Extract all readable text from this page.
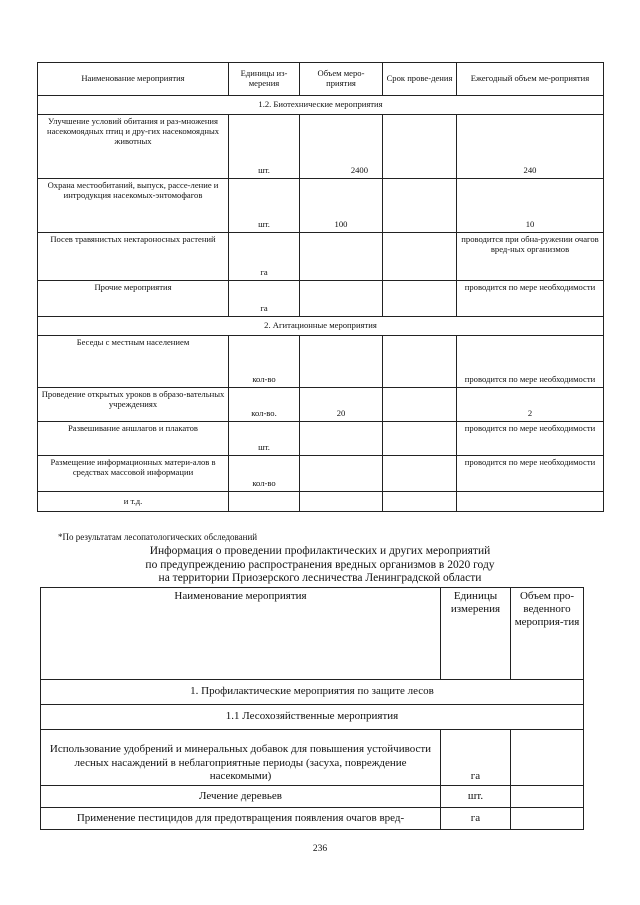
Наименование мероприятия	Единицы из-мерения	Объем меро-приятия	Срок прове-дения	Ежегодный объем ме-роприятия
1.2. Биотехнические мероприятия				
Улучшение условий обитания и раз-множения насекомоядных птиц и дру-гих насекомоядных животных	шт.	2400		240
Охрана местообитаний, выпуск, рассе-ление и интродукция насекомых-энтомофагов	шт.	100		10
Посев травянистых нектароносных растений	га			проводится при обна-ружении очагов вред-ных организмов
Прочие мероприятия	га			проводится по мере необходимости
2. Агитационные мероприятия				
Беседы с местным населением	кол-во			проводится по мере необходимости
Проведение открытых уроков в образо-вательных учреждениях	кол-во.	20		2
Развешивание аншлагов и плакатов	шт.			проводится по мере необходимости
Размещение информационных матери-алов в средствах массовой информации	кол-во			проводится по мере необходимости
и т.д.				
*По результатам лесопатологических обследований
Информация о проведении профилактических и других мероприятий
по предупреждению распространения вредных организмов в 2020 году
на территории Приозерского лесничества Ленинградской области
Наименование мероприятия	Единицы измерения	Объем про-веденного мероприя-тия
1. Профилактические мероприятия по защите лесов		
1.1 Лесохозяйственные мероприятия		
Использование удобрений и минеральных добавок для повышения устойчивости лесных насаждений в неблагоприятные периоды (засуха, повреждение насекомыми)	га	
Лечение деревьев	шт.	
Применение пестицидов для предотвращения появления очагов вред-	га	
236
